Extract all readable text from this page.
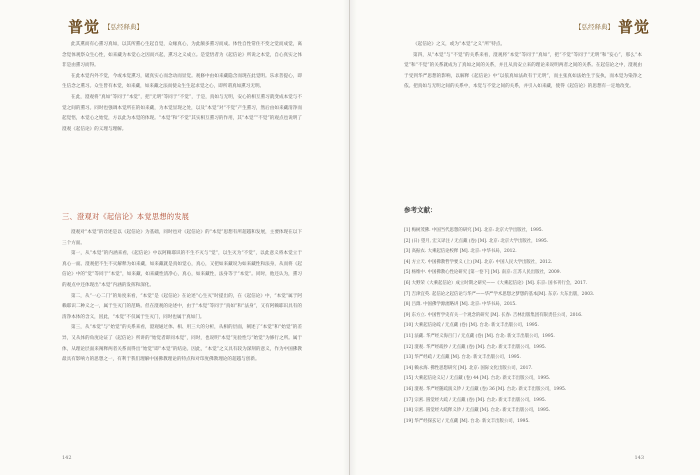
普觉 【弘经释典】

此其熏而有心熏习真如，以其所熏心生起自觉，众缘真心，为此颇多熏习而成。体性自性常住不变之觉而成觉，离念觉体观察众生心性，如来藏为本觉心之因而兴起，熏习之义成立。是觉悟者为《起信论》所说之本觉，自心真实之体非是由熏习而得。

在此本觉内外不觉，今或本觉熏习，破真实心而念动而显觉。观修中由如来藏隐含而现在此觉明。乐求菩提心，即生信念之熏习。众生皆有本觉，如来藏，如来藏之法而使众生生起求觉之心，即所谓真如熏习无明。

在此，澄观将“真如”等同于“本觉”，把“无明”等同于“不觉”，于是，真如与无明，安心的相互熏习就变成本觉与不觉之间的熏习。同时也强调本觉所在的如来藏，为本觉显现之处，以及“本觉”对“不觉”产生熏习，然后由如来藏清净而起觉悟，本觉心之始觉，方以此为本觉的体现。“本觉”和“不觉”其实相互熏习的作用，其“本觉”“不觉”的观点也说明了澄观《起信论》的义理与理解。

三、澄观对《起信论》本觉思想的发展

澄观对“本觉”的诠述是以《起信论》为基础，同时也对《起信论》的“本觉”思想有所超越和发展，主要体现在以下三个方面。

第一，从“本觉”的内涵来看，《起信论》中以阿赖耶识的不生不灭与“觉”，以生灭为“不觉”，以此意义将本觉立于真心一面。澄观把不生不灭解释为如来藏，如来藏就是真如觉心，真心，又把如来藏说为如来藏性和法身，从而将《起信论》中的“觉”等同于“本觉”，如来藏，如来藏性清净心，真心，如来藏性，法身等于“本觉”。同时，他还认为，熏习的观点中还体现出“本觉”内涵的发挥和深化。

第二，从“一心二门”的角度来看，“本觉”是《起信论》在论述“心生灭”时提出的，在《起信论》中，“本觉”属于阿赖耶识二种义之一，属于生灭门的范畴。但在澄观的论述中，由于“本觉”等同于“真如”和“法身”，又有阿赖耶识具有的清净本体的含义，因此，“本觉”不仅属于生灭门，同时也属于真如门。

第三，从“本觉”与“始觉”的关系来看，澄观通过体、相、用三大的分析，从相的层面，阐述了“本觉”和“始觉”的差异，又从体的角度论证了《起信论》所讲的“始觉者即同本觉”，同时，也说明“本觉”先验性与“始觉”为修行之所。属于体，从理论层面来阐释两者关系而得出“始觉”即“本觉”的结论。因此，“本觉”之义具有较为深刻的意义，作为中国佛教最具有影响力的思想之一，有利于我们理解中国佛教理论的特点和对印度佛教理论的超越与创新。

142
【弘经释典】 普觉

《起信论》之义，或为“本觉”之义“所”特点。

第四，从“本觉”与“不觉”的关系来看，澄观将“本觉”等同于“真如”，把“不觉”等同于“无明”和“妄心”，那么“本觉”和“不觉”的关系就成为了真如之间的关系，并且从真安立来的理论来说明两者之间的关系。在起信论之中，澄观由于受到华严思想的影响，以解释《起信论》中“以依真如法故有于无明”，而主张真如法始生于妄执，而本觉为染净之依。把真如与无明之间的关系中，本觉与不觉之间的关系，并引入如来藏，使得《起信论》的思想有一定地改变。

参考文献：
[1] 梅树茂佛. 中国当代思想的研究 [M]. 北京: 北京大学出版社，1995.
[2] (日) 望月, 宏义译注 / 无点藏 (卷) [M]. 北京: 北京大学出版社，1995.
[3] 高振农. 大乘起信论校释 [M]. 北京: 中华书局，2012.
[4] 方立天. 中国佛教哲学要义 (上) [M]. 北京: 中国人民大学出版社，2012.
[5] 杨维中. 中国佛教心性论研究 [第一卷下] [M]. 南京: 江苏人民出版社，2009.
[6] 大野荣（大乘起信论）成立时期之研究——《大乘起信论》[M]. 东京: 国书刊行会，2017.
[7] 吉津宜英. 起信论之起信论与华严——华严学术思想之梦想的基本[M]. 东京: 大东出版，2003.
[8] 吕澂. 中国佛学源流略讲 [M]. 北京: 中华书局，2015.
[9] 东方立. 中国哲学史有关一个观念的研究 [M]. 长春: 吉林出版集团有限责任公司，2016.
[10] 大乘起信论疏 / 无点藏 (卷) [M]. 台北: 新文丰出版公司，1995.
[11] 法藏. 华严经义海百门 / 无点藏 (卷) [M]. 台北: 新文丰出版公司，1995.
[12] 澄观. 华严经疏抄 / 无点藏 (卷) [M]. 台北: 新文丰出版公司，1995.
[13] 华严经疏 / 无点藏 [M]. 台北: 新文丰出版公司，1995.
[14] 赖永海. 佛性思想研究 [M]. 北京: 国际文化出版公司，2017.
[15] 大乘起信论义记 / 无点藏 (卷) 44 [M]. 台北: 新文丰出版公司，1995.
[16] 澄观. 华严经随疏演义钞 / 无点藏 (卷) 36 [M]. 台北: 新文丰出版公司，1995.
[17] 宗密. 圆觉经大疏 / 无点藏 (卷) [M]. 台北: 新文丰出版公司，1995.
[18] 宗密. 圆觉经大疏释义钞 / 无点藏 [M]. 台北: 新文丰出版公司，1995.
[19] 华严经探玄记 / 无点藏 [M]. 台北: 新文丰出版公司，1995.
143
